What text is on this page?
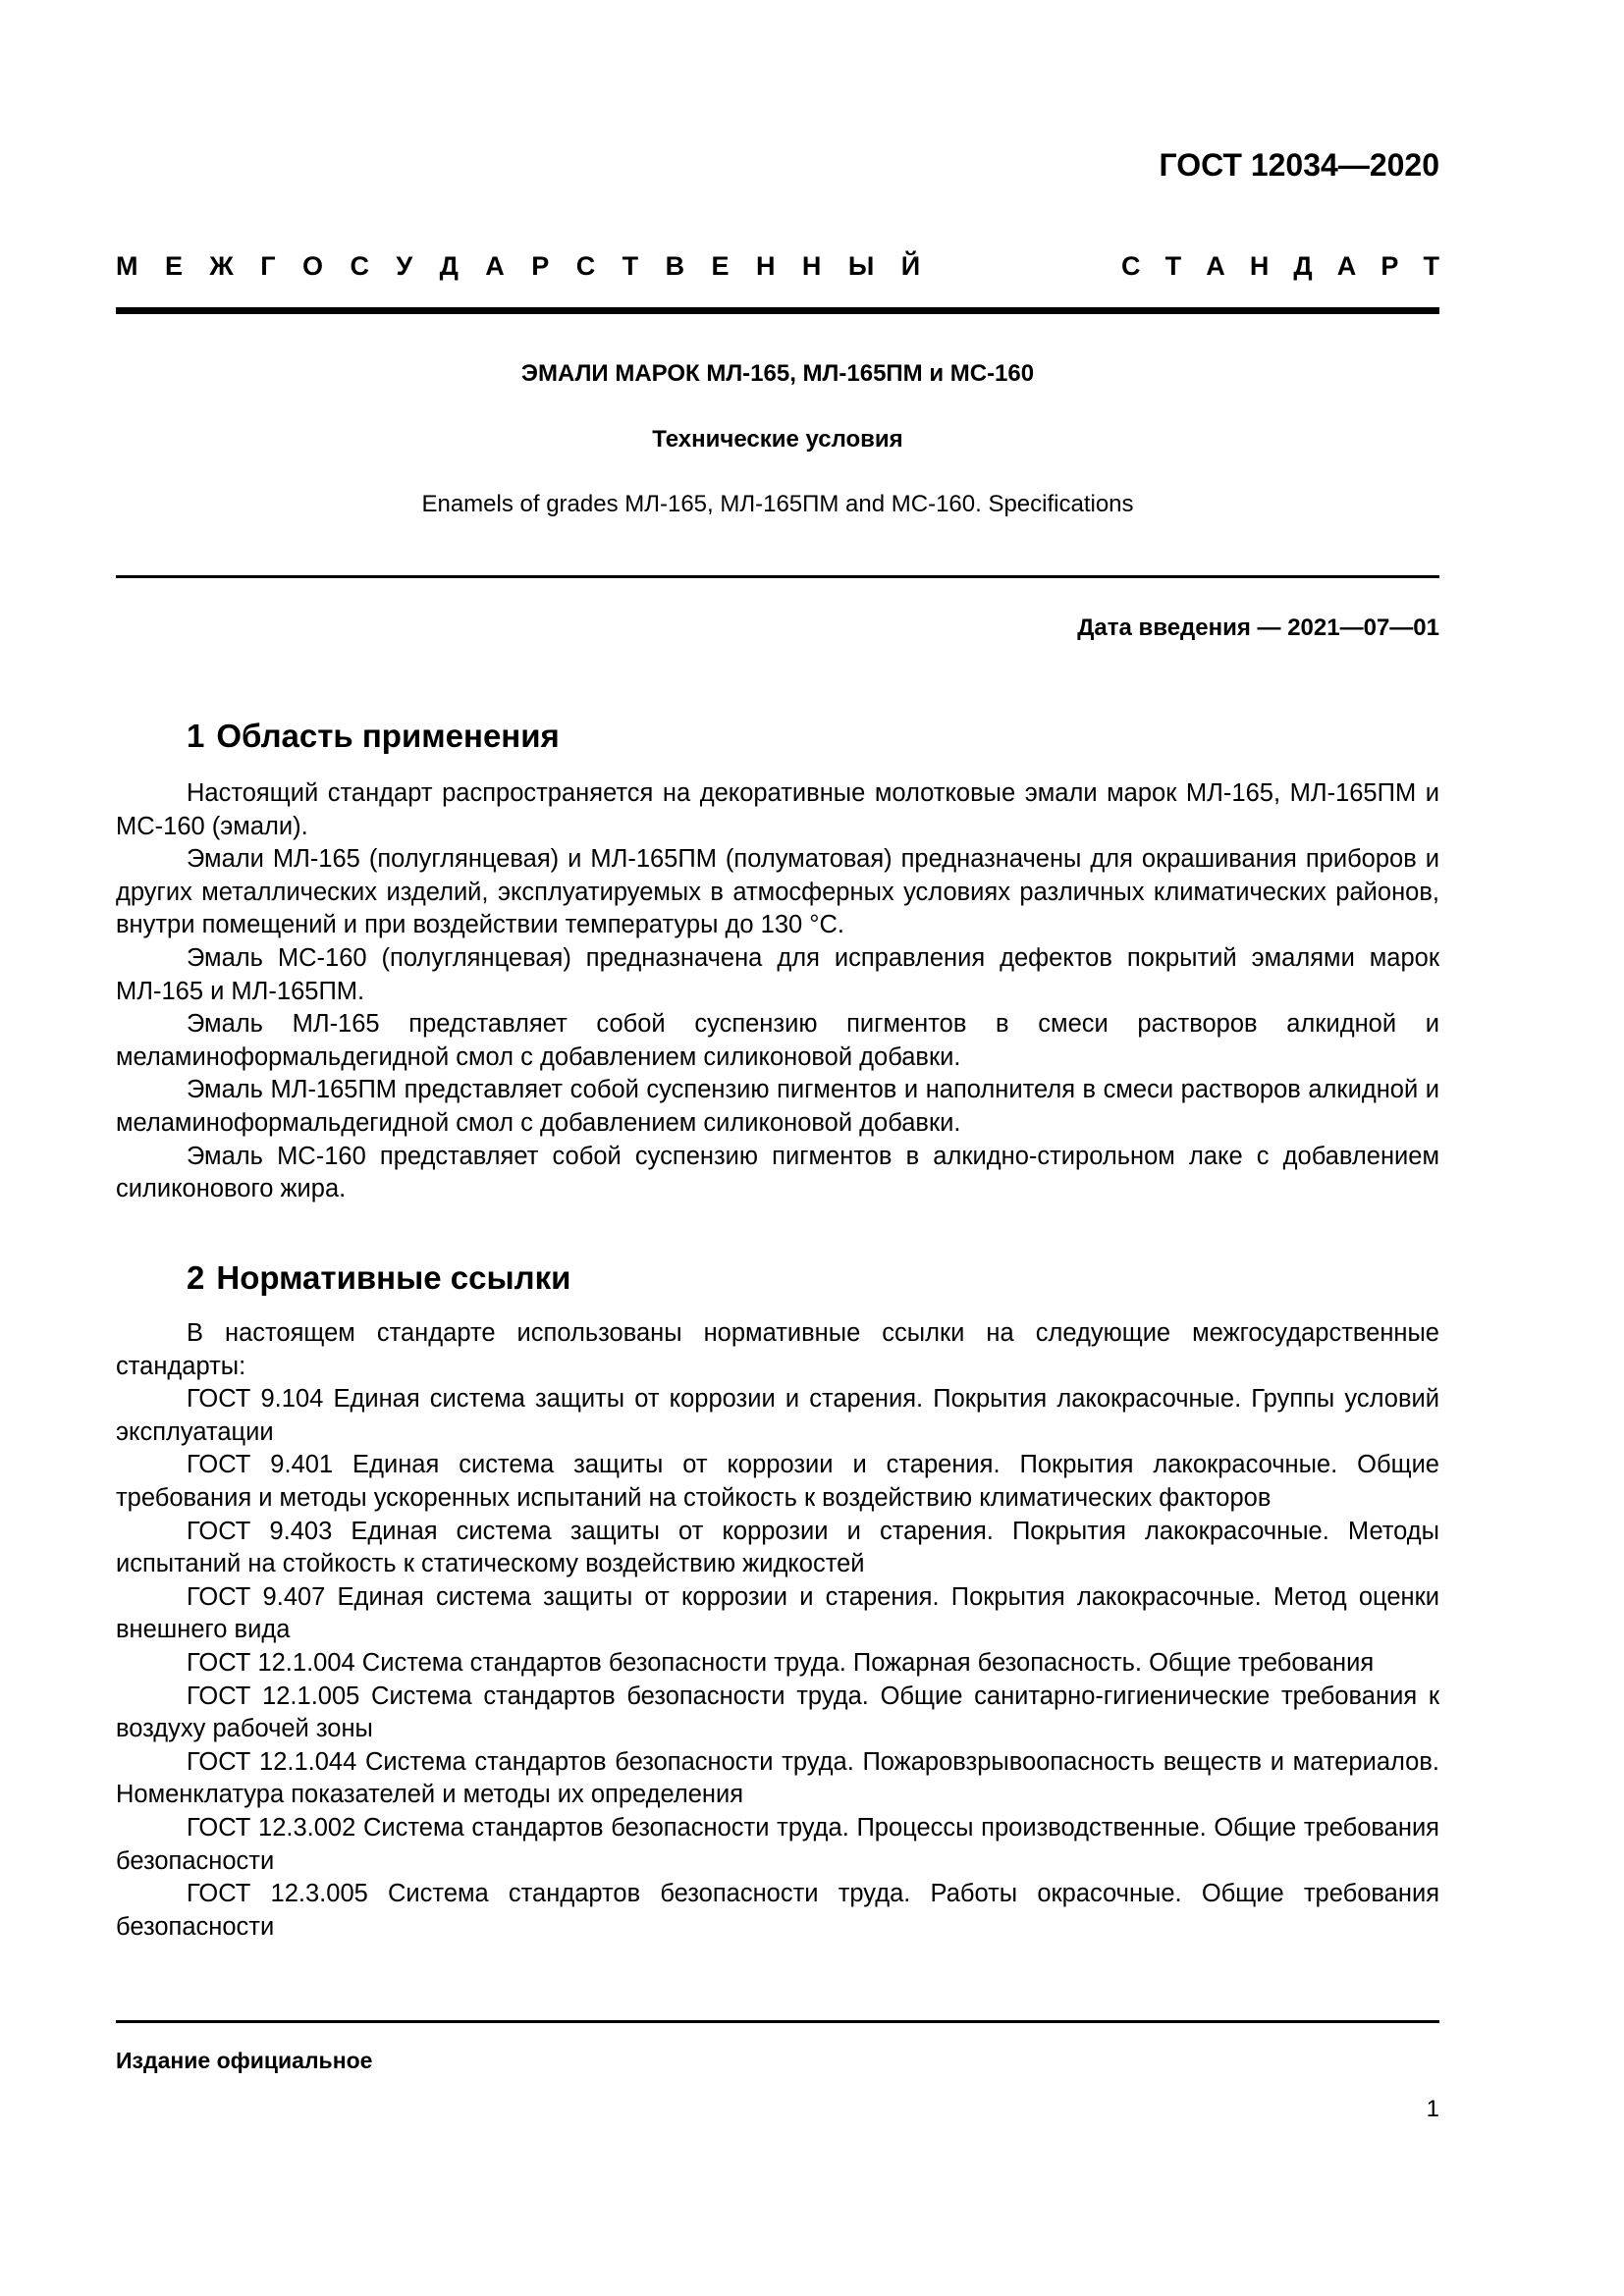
ГОСТ 12034—2020
М Е Ж Г О С У Д А Р С Т В Е Н Н Ы Й	С Т А Н Д А Р Т
ЭМАЛИ МАРОК МЛ-165, МЛ-165ПМ и МС-160
Технические условия
Enamels of grades МЛ-165, МЛ-165ПМ and МС-160. Specifications
Дата введения — 2021—07—01
1 Область применения

Настоящий стандарт распространяется на декоративные молотковые эмали марок МЛ-165, МЛ-165ПМ и МС-160 (эмали).

Эмали МЛ-165 (полуглянцевая) и МЛ-165ПМ (полуматовая) предназначены для окрашивания приборов и других металлических изделий, эксплуатируемых в атмосферных условиях различных климатических районов, внутри помещений и при воздействии температуры до 130 °C.

Эмаль МС-160 (полуглянцевая) предназначена для исправления дефектов покрытий эмалями марок МЛ-165 и МЛ-165ПМ.

Эмаль МЛ-165 представляет собой суспензию пигментов в смеси растворов алкидной и меламиноформальдегидной смол с добавлением силиконовой добавки.

Эмаль МЛ-165ПМ представляет собой суспензию пигментов и наполнителя в смеси растворов алкидной и меламиноформальдегидной смол с добавлением силиконовой добавки.

Эмаль МС-160 представляет собой суспензию пигментов в алкидно-стирольном лаке с добавлением силиконового жира.

2 Нормативные ссылки

В настоящем стандарте использованы нормативные ссылки на следующие межгосударственные стандарты:

ГОСТ 9.104 Единая система защиты от коррозии и старения. Покрытия лакокрасочные. Группы условий эксплуатации

ГОСТ 9.401 Единая система защиты от коррозии и старения. Покрытия лакокрасочные. Общие требования и методы ускоренных испытаний на стойкость к воздействию климатических факторов

ГОСТ 9.403 Единая система защиты от коррозии и старения. Покрытия лакокрасочные. Методы испытаний на стойкость к статическому воздействию жидкостей

ГОСТ 9.407 Единая система защиты от коррозии и старения. Покрытия лакокрасочные. Метод оценки внешнего вида

ГОСТ 12.1.004 Система стандартов безопасности труда. Пожарная безопасность. Общие требования

ГОСТ 12.1.005 Система стандартов безопасности труда. Общие санитарно-гигиенические требования к воздуху рабочей зоны

ГОСТ 12.1.044 Система стандартов безопасности труда. Пожаровзрывоопасность веществ и материалов. Номенклатура показателей и методы их определения

ГОСТ 12.3.002 Система стандартов безопасности труда. Процессы производственные. Общие требования безопасности

ГОСТ 12.3.005 Система стандартов безопасности труда. Работы окрасочные. Общие требования безопасности

Издание официальное
1
